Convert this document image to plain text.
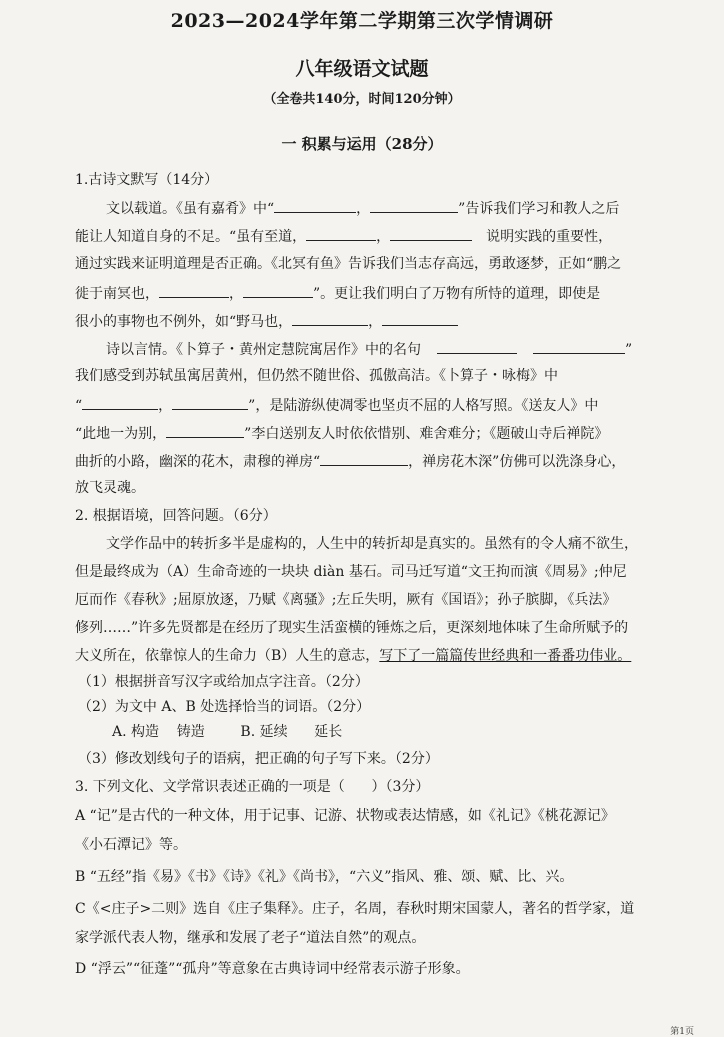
2023—2024学年第二学期第三次学情调研
八年级语文试题
（全卷共140分，时间120分钟）
一 积累与运用（28分）
1.古诗文默写（14分）
文以载道。《虽有嘉肴》中“	，	”告诉我们学习和教人之后
能让人知道自身的不足。“虽有至道，	，	说明实践的重要性，
通过实践来证明道理是否正确。《北冥有鱼》告诉我们当志存高远，勇敢逐梦，正如“鹏之
徙于南冥也，	，	”。更让我们明白了万物有所恃的道理，即使是
很小的事物也不例外，如“野马也，	，
诗以言情。《卜算子・黄州定慧院寓居作》中的名句	”
我们感受到苏轼虽寓居黄州，但仍然不随世俗、孤傲高洁。《卜算子・咏梅》中
“	，	”，是陆游纵使凋零也坚贞不屈的人格写照。《送友人》中
“此地一为别，	”李白送别友人时依依惜别、难舍难分；《题破山寺后禅院》
曲折的小路，幽深的花木，肃穆的禅房“	，禅房花木深”仿佛可以洗涤身心，
放飞灵魂。
2. 根据语境，回答问题。（6分）
文学作品中的转折多半是虚构的，人生中的转折却是真实的。虽然有的令人痛不欲生，
但是最终成为（A）生命奇迹的一块块 diàn 基石。司马迁写道“文王拘而演《周易》;仲尼
厄而作《春秋》;屈原放逐，乃赋《离骚》;左丘失明，厥有《国语》；孙子膑脚，《兵法》
修列……”许多先贤都是在经历了现实生活蛮横的锤炼之后，更深刻地体味了生命所赋予的
大义所在，依靠惊人的生命力（B）人生的意志，写下了一篇篇传世经典和一番番功伟业。
（1）根据拼音写汉字或给加点字注音。（2分）
（2）为文中 A、B 处选择恰当的词语。（2分）
A. 构造    铸造        B. 延续      延长
（3）修改划线句子的语病，把正确的句子写下来。（2分）
3. 下列文化、文学常识表述正确的一项是（      ）（3分）
A “记”是古代的一种文体，用于记事、记游、状物或表达情感，如《礼记》《桃花源记》
《小石潭记》等。
B “五经”指《易》《书》《诗》《礼》《尚书》，“六义”指风、雅、颂、赋、比、兴。
C《<庄子>二则》选自《庄子集释》。庄子，名周，春秋时期宋国蒙人，著名的哲学家，道
家学派代表人物，继承和发展了老子“道法自然”的观点。
D “浮云”“征蓬”“孤舟”等意象在古典诗词中经常表示游子形象。
第1页
